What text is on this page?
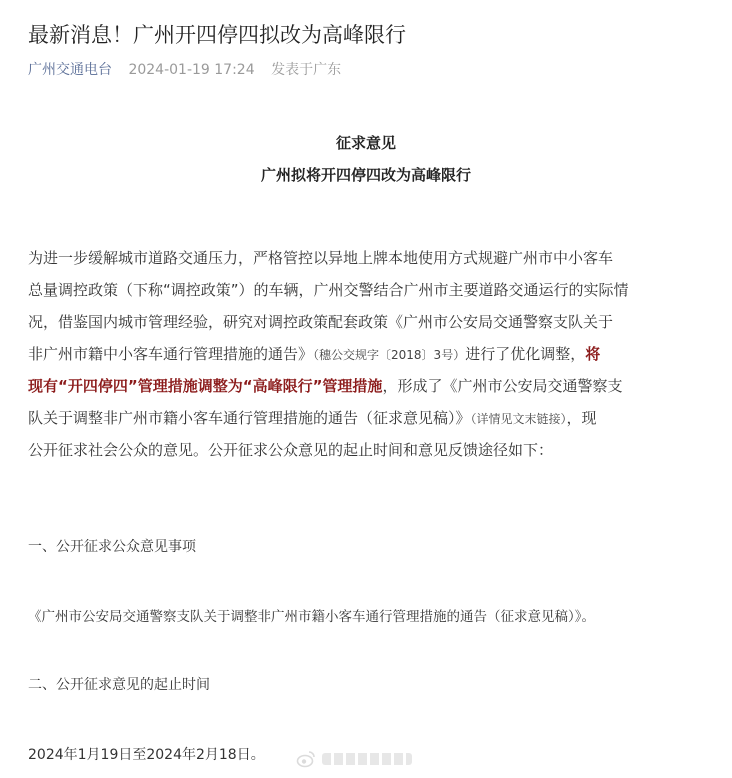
最新消息！广州开四停四拟改为高峰限行
广州交通电台 2024-01-19 17:24 发表于广东
征求意见
广州拟将开四停四改为高峰限行
为进一步缓解城市道路交通压力，严格管控以异地上牌本地使用方式规避广州市中小客车
总量调控政策（下称“调控政策”）的车辆，广州交警结合广州市主要道路交通运行的实际情
况，借鉴国内城市管理经验，研究对调控政策配套政策《广州市公安局交通警察支队关于
非广州市籍中小客车通行管理措施的通告》（穗公交规字〔2018〕3号）进行了优化调整，将
现有“开四停四”管理措施调整为“高峰限行”管理措施，形成了《广州市公安局交通警察支
队关于调整非广州市籍小客车通行管理措施的通告（征求意见稿）》（详情见文末链接），现
公开征求社会公众的意见。公开征求公众意见的起止时间和意见反馈途径如下：
一、公开征求公众意见事项
《广州市公安局交通警察支队关于调整非广州市籍小客车通行管理措施的通告（征求意见稿）》。
二、公开征求意见的起止时间
2024年1月19日至2024年2月18日。
